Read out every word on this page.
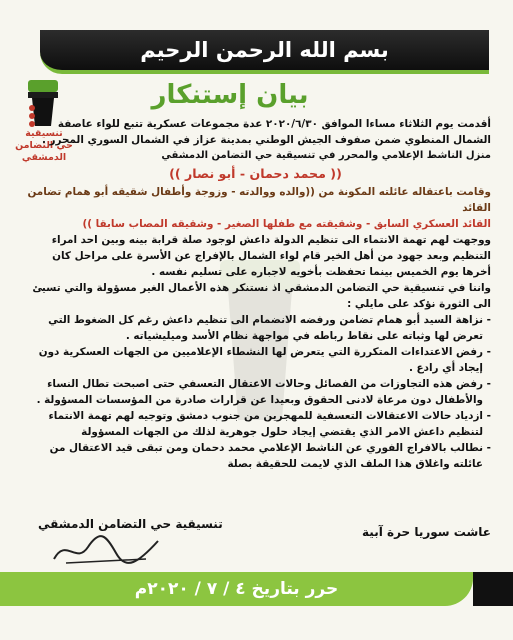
بسم الله الرحمن الرحيم
بيان إستنكار
تنسيقية
حي التضامن
الدمشقي

أقدمت يوم الثلاثاء مساءا الموافق ٢٠٢٠/٦/٣٠ عدة مجموعات عسكرية تتبع للواء عاصفة الشمال المنطوي ضمن صفوف الجيش الوطني بمدينة عزاز في الشمال السوري المحرر .

منزل الناشط الإعلامي والمحرر في تنسيقية حي التضامن الدمشقي

(( محمد دحمان - أبو نصار ))

وقامت باعتقاله عائلته المكونة من ((والده ووالدته - وزوجة وأطفال شقيقه أبو همام تضامن القائد

القائد العسكري السابق - وشقيقته مع طفلها الصغير - وشقيقه المصاب سابقا ))

ووجهت لهم تهمة الانتماء الى تنظيم الدولة داعش لوجود صلة قرابة بينه وبين احد امراء التنظيم وبعد جهود من أهل الخير قام لواء الشمال بالإفراج عن الأسرة على مراحل كان أخرها يوم الخميس بينما تحفظت بأخويه لاجباره على تسليم نفسه .

واننا في تنسيقية حي التضامن الدمشقي اذ نستنكر هذه الأعمال الغير مسؤولة والتي تسيئ الى الثورة نؤكد على مايلي :

- نزاهة السيد أبو همام تضامن ورفضه الانضمام الى تنظيم داعش رغم كل الضغوط التي تعرض لها وثباته على نقاط رباطه في مواجهة نظام الأسد وميليشياته .
- رفض الاعتداءات المتكررة التي يتعرض لها النشطاء الإعلاميين من الجهات العسكرية دون إيجاد أي رادع .
- رفض هذه التجاوزات من الفصائل وحالات الاعتقال التعسفي حتى اصبحت تطال النساء والأطفال دون مرعاة لادنى الحقوق وبعيدا عن قرارات صادرة من المؤسسات المسؤولة .
- ازدياد حالات الاعتقالات التعسفية للمهجرين من جنوب دمشق وتوجيه لهم تهمة الانتماء لتنظيم داعش الامر الذي يقتضي إيجاد حلول جوهرية لذلك من الجهات المسؤولة
- نطالب بالافراج الفوري عن الناشط الإعلامي محمد دحمان ومن تبقى قيد الاعتقال من عائلته واغلاق هذا الملف الذي لايمت للحقيقة بصلة
عاشت سوريا حرة آبية
تنسيقية حي التضامن الدمشقي
حرر بتاريخ ٤ / ٧ / ٢٠٢٠م
